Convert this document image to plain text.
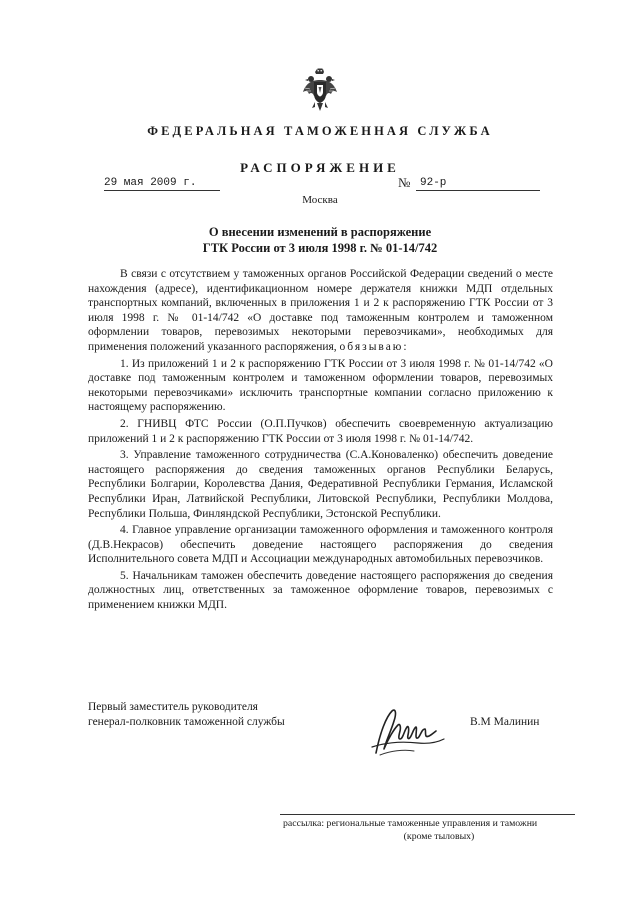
ФЕДЕРАЛЬНАЯ ТАМОЖЕННАЯ СЛУЖБА
РАСПОРЯЖЕНИЕ
29 мая 2009 г.	№ 92-р
Москва
О внесении изменений в распоряжение
ГТК России от 3 июля 1998 г. № 01-14/742

В связи с отсутствием у таможенных органов Российской Федерации сведений о месте нахождения (адресе), идентификационном номере держателя книжки МДП отдельных транспортных компаний, включенных в приложения 1 и 2 к распоряжению ГТК России от 3 июля 1998 г. № 01-14/742 «О доставке под таможенным контролем и таможенном оформлении товаров, перевозимых некоторыми перевозчиками», необходимых для применения положений указанного распоряжения, обязываю:

1. Из приложений 1 и 2 к распоряжению ГТК России от 3 июля 1998 г. № 01-14/742 «О доставке под таможенным контролем и таможенном оформлении товаров, перевозимых некоторыми перевозчиками» исключить транспортные компании согласно приложению к настоящему распоряжению.

2. ГНИВЦ ФТС России (О.П.Пучков) обеспечить своевременную актуализацию приложений 1 и 2 к распоряжению ГТК России от 3 июля 1998 г. № 01-14/742.

3. Управление таможенного сотрудничества (С.А.Коноваленко) обеспечить доведение настоящего распоряжения до сведения таможенных органов Республики Беларусь, Республики Болгарии, Королевства Дания, Федеративной Республики Германия, Исламской Республики Иран, Латвийской Республики, Литовской Республики, Республики Молдова, Республики Польша, Финляндской Республики, Эстонской Республики.

4. Главное управление организации таможенного оформления и таможенного контроля (Д.В.Некрасов) обеспечить доведение настоящего распоряжения до сведения Исполнительного совета МДП и Ассоциации международных автомобильных перевозчиков.

5. Начальникам таможен обеспечить доведение настоящего распоряжения до сведения должностных лиц, ответственных за таможенное оформление товаров, перевозимых с применением книжки МДП.

Первый заместитель руководителя
генерал-полковник таможенной службы	В.М Малинин
рассылка: региональные таможенные управления и таможни
(кроме тыловых)
